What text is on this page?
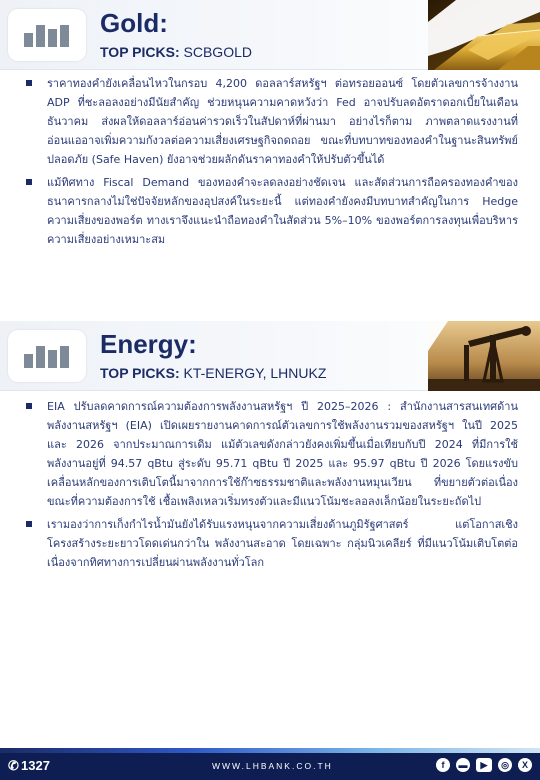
Gold:
TOP PICKS: SCBGOLD
ราคาทองคำยังเคลื่อนไหวในกรอบ 4,200 ดอลลาร์สหรัฐฯ ต่อทรอยออนซ์ โดยตัวเลขการจ้างงาน ADP ที่ชะลอลงอย่างมีนัยสำคัญ ช่วยหนุนความคาดหวังว่า Fed อาจปรับลดอัตราดอกเบี้ยในเดือนธันวาคม ส่งผลให้ดอลลาร์อ่อนค่ารวดเร็วในสัปดาห์ที่ผ่านมา อย่างไรก็ตาม ภาพตลาดแรงงานที่อ่อนแออาจเพิ่มความกังวลต่อความเสี่ยงเศรษฐกิจถดถอย ขณะที่บทบาทของทองคำในฐานะสินทรัพย์ปลอดภัย (Safe Haven) ยังอาจช่วยผลักดันราคาทองคำให้ปรับตัวขึ้นได้
แม้ทิศทาง Fiscal Demand ของทองคำจะลดลงอย่างชัดเจน และสัดส่วนการถือครองทองคำของธนาคารกลางไม่ใช่ปัจจัยหลักของอุปสงค์ในระยะนี้ แต่ทองคำยังคงมีบทบาทสำคัญในการ Hedge ความเสี่ยงของพอร์ต ทางเราจึงแนะนำถือทองคำในสัดส่วน 5%–10% ของพอร์ตการลงทุนเพื่อบริหารความเสี่ยงอย่างเหมาะสม
Energy:
TOP PICKS: KT-ENERGY, LHNUKZ
EIA ปรับลดคาดการณ์ความต้องการพลังงานสหรัฐฯ ปี 2025–2026 : สำนักงานสารสนเทศด้านพลังงานสหรัฐฯ (EIA) เปิดเผยรายงานคาดการณ์ตัวเลขการใช้พลังงานรวมของสหรัฐฯ ในปี 2025 และ 2026 จากประมาณการเดิม แม้ตัวเลขดังกล่าวยังคงเพิ่มขึ้นเมื่อเทียบกับปี 2024 ที่มีการใช้พลังงานอยู่ที่ 94.57 qBtu สู่ระดับ 95.71 qBtu ปี 2025 และ 95.97 qBtu ปี 2026 โดยแรงขับเคลื่อนหลักของการเติบโตนี้มาจากการใช้ก๊าซธรรมชาติและพลังงานหมุนเวียน ที่ขยายตัวต่อเนื่อง ขณะที่ความต้องการใช้ เชื้อเพลิงเหลวเริ่มทรงตัวและมีแนวโน้มชะลอลงเล็กน้อยในระยะถัดไป
เรามองว่าการเก็งกำไรน้ำมันยังได้รับแรงหนุนจากความเสี่ยงด้านภูมิรัฐศาสตร์ แต่โอกาสเชิงโครงสร้างระยะยาวโดดเด่นกว่าใน พลังงานสะอาด โดยเฉพาะ กลุ่มนิวเคลียร์ ที่มีแนวโน้มเติบโตต่อเนื่องจากทิศทางการเปลี่ยนผ่านพลังงานทั่วโลก
✆ 1327	WWW.LHBANK.CO.TH	f	▬	▶	◎	X
